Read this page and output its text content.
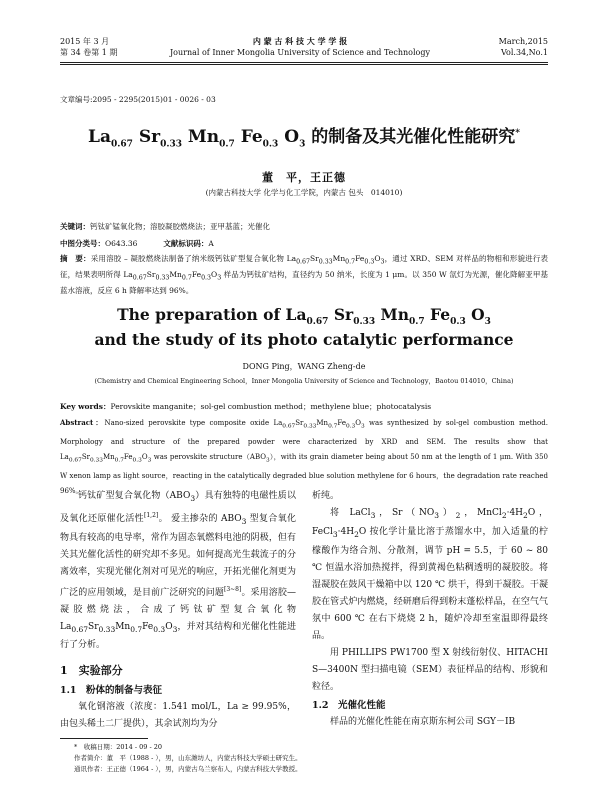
2015 年 3 月
第 34 卷第 1 期
内 蒙 古 科 技 大 学 学 报
Journal of Inner Mongolia University of Science and Technology
March,2015
Vol.34,No.1
文章编号:2095 - 2295(2015)01 - 0026 - 03
$La_{0.67}$ $Sr_{0.33}$ $Mn_{0.7}$ $Fe_{0.3}$ $O_3$ 的制备及其光催化性能研究*
董　平，王正德
(内蒙古科技大学 化学与化工学院，内蒙古 包头　014010)
关键词：钙钛矿锰氧化物；溶胶凝胶燃烧法；亚甲基蓝；光催化
中图分类号：O643.36	文献标识码：A
摘　要：采用溶胶 – 凝胶燃烧法制备了纳米级钙钛矿型复合氧化物 $La_{0.67}Sr_{0.33}Mn_{0.7}Fe_{0.3}O_3$，通过 XRD、SEM 对样品的物相和形貌进行表征，结果表明所得 $La_{0.67}Sr_{0.33}Mn_{0.7}Fe_{0.3}O_3$ 样品为钙钛矿结构，直径约为 50 纳米，长度为 1 μm。以 350 W 氙灯为光源，催化降解亚甲基蓝水溶液，反应 6 h 降解率达到 96%。
The preparation of $La_{0.67}$ $Sr_{0.33}$ $Mn_{0.7}$ $Fe_{0.3}$ $O_3$
and the study of its photo catalytic performance
DONG Ping，WANG Zheng-de
(Chemistry and Chemical Engineering School，Inner Mongolia University of Science and Technology，Baotou 014010，China)
Key words：Perovskite manganite；sol-gel combustion method；methylene blue；photocatalysis
Abstract：Nano-sized perovskite type composite oxide $La_{0.67}Sr_{0.33}Mn_{0.7}Fe_{0.3}O_3$ was synthesized by sol-gel combustion method. Morphology and structure of the prepared powder were characterized by XRD and SEM. The results show that $La_{0.67}Sr_{0.33}Mn_{0.7}Fe_{0.3}O_3$ was perovskite $structure(ABO_3)$，with its grain diameter being about 50 nm at the length of 1 μm. With 350 W xenon lamp as light source，reacting in the catalytically degraded blue solution methylene for 6 hours，the degradation rate reached 96%。

钙钛矿型复合氧化物$(ABO_3)$具有独特的电磁性质以及氧化还原催化活性[1,2]。 爱主掺杂的 $ABO_3$ 型复合氧化物具有较高的电导率，常作为固态氧燃料电池的阴极，但有关其光催化活性的研究却不多见。如何提高光生载流子的分离效率，实现光催化剂对可见光的响应，开拓光催化剂更为广泛的应用领域，是目前广泛研究的问题[3~8]。采用溶胶—凝胶燃烧法，合成了钙钛矿型复合氧化物 $La_{0.67}Sr_{0.33}Mn_{0.7}Fe_{0.3}O_3$，并对其结构和光催化性能进行了分析。

1　实验部分
1.1　粉体的制备与表征

氧化钢溶液（浓度：1.541 mol/L，La ≥ 99.95%，由包头稀土二厂提供），其余试剂均为分

析纯。

将 LaCl$_3$，$Sr(NO_3)_2$，$MnCl_2\cdot 4H_2O$，$FeCl_3\cdot 4H_2O$ 按化学计量比溶于蒸馏水中，加入适量的柠檬酸作为络合剂、分散剂，调节 pH = 5.5，于 60 ~ 80 ℃ 恒温水浴加热搅拌，得到黄褐色粘稠透明的凝胶胶。将湿凝胶在鼓风干燥箱中以 120 ℃ 烘干，得到干凝胶。干凝胶在管式炉内燃烧，经研磨后得到粉末蓬松样品，在空气气氛中 600 ℃ 在右下烧烧 2 h，随炉冷却至室温即得最终品。

用 PHILLIPS PW1700 型 X 射线衍射仪、HITACHI S—3400N 型扫描电镜（SEM）表征样品的结构、形貌和粒径。

1.2　光催化性能

样品的光催化性能在南京斯东柯公司 SGY－IB

*　收稿日期：2014 - 09 - 20
作者简介：董　平（1988 - ），男，山东潍坊人，内蒙古科技大学硕士研究生。
通讯作者：王正德（1964 - ），男，内蒙古乌兰察布人，内蒙古科技大学教授。
